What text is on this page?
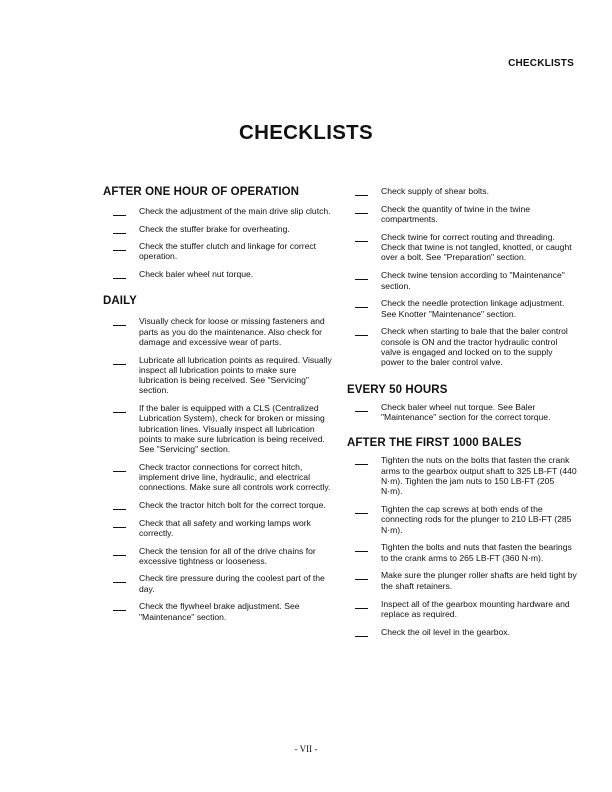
CHECKLISTS
CHECKLISTS
AFTER ONE HOUR OF OPERATION
Check the adjustment of the main drive slip clutch.
Check the stuffer brake for overheating.
Check the stuffer clutch and linkage for correct operation.
Check baler wheel nut torque.
DAILY
Visually check for loose or missing fasteners and parts as you do the maintenance. Also check for damage and excessive wear of parts.
Lubricate all lubrication points as required. Visually inspect all lubrication points to make sure lubrication is being received. See "Servicing" section.
If the baler is equipped with a CLS (Centralized Lubrication System), check for broken or missing lubrication lines. Visually inspect all lubrication points to make sure lubrication is being received. See "Servicing" section.
Check tractor connections for correct hitch, implement drive line, hydraulic, and electrical connections. Make sure all controls work correctly.
Check the tractor hitch bolt for the correct torque.
Check that all safety and working lamps work correctly.
Check the tension for all of the drive chains for excessive tightness or looseness.
Check tire pressure during the coolest part of the day.
Check the flywheel brake adjustment. See "Maintenance" section.
Check supply of shear bolts.
Check the quantity of twine in the twine compartments.
Check twine for correct routing and threading. Check that twine is not tangled, knotted, or caught over a bolt. See "Preparation" section.
Check twine tension according to "Maintenance" section.
Check the needle protection linkage adjustment. See Knotter "Maintenance" section.
Check when starting to bale that the baler control console is ON and the tractor hydraulic control valve is engaged and locked on to the supply power to the baler control valve.
EVERY 50 HOURS
Check baler wheel nut torque. See Baler "Maintenance" section for the correct torque.
AFTER THE FIRST 1000 BALES
Tighten the nuts on the bolts that fasten the crank arms to the gearbox output shaft to 325 LB-FT (440 N·m). Tighten the jam nuts to 150 LB-FT (205 N·m).
Tighten the cap screws at both ends of the connecting rods for the plunger to 210 LB-FT (285 N·m).
Tighten the bolts and nuts that fasten the bearings to the crank arms to 265 LB-FT (360 N·m).
Make sure the plunger roller shafts are held tight by the shaft retainers.
Inspect all of the gearbox mounting hardware and replace as required.
Check the oil level in the gearbox.
- VII -
